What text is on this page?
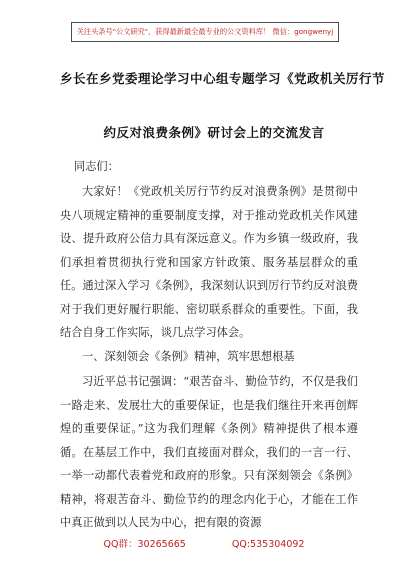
关注头条号"公文研究"，获得最新最全最专业的公文资料库！ 微信：gongwenyj
乡长在乡党委理论学习中心组专题学习《党政机关厉行节
约反对浪费条例》研讨会上的交流发言
同志们：
大家好！《党政机关厉行节约反对浪费条例》是贯彻中央八项规定精神的重要制度支撑，对于推动党政机关作风建设、提升政府公信力具有深远意义。作为乡镇一级政府，我们承担着贯彻执行党和国家方针政策、服务基层群众的重任。通过深入学习《条例》，我深刻认识到厉行节约反对浪费对于我们更好履行职能、密切联系群众的重要性。下面，我结合自身工作实际，谈几点学习体会。
一、深刻领会《条例》精神，筑牢思想根基
习近平总书记强调：“艰苦奋斗、勤俭节约，不仅是我们一路走来、发展壮大的重要保证，也是我们继往开来再创辉煌的重要保证。”这为我们理解《条例》精神提供了根本遵循。在基层工作中，我们直接面对群众，我们的一言一行、一举一动都代表着党和政府的形象。只有深刻领会《条例》精神，将艰苦奋斗、勤俭节约的理念内化于心，才能在工作中真正做到以人民为中心，把有限的资源
QQ群：30265665	QQ:535304092
